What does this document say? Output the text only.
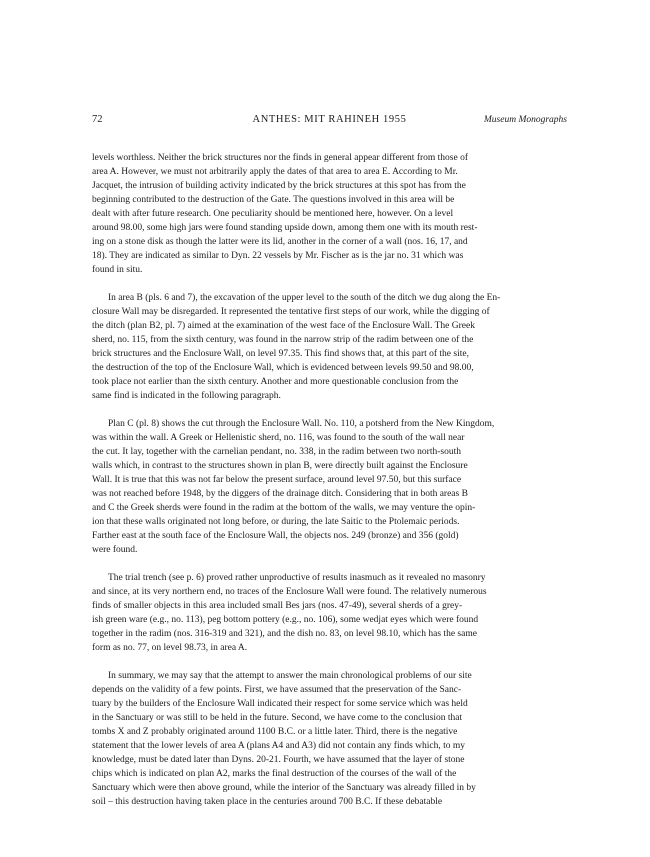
72	ANTHES: MIT RAHINEH 1955	Museum Monographs
levels worthless. Neither the brick structures nor the finds in general appear different from those of
area A. However, we must not arbitrarily apply the dates of that area to area E. According to Mr.
Jacquet, the intrusion of building activity indicated by the brick structures at this spot has from the
beginning contributed to the destruction of the Gate. The questions involved in this area will be
dealt with after future research. One peculiarity should be mentioned here, however. On a level
around 98.00, some high jars were found standing upside down, among them one with its mouth rest-
ing on a stone disk as though the latter were its lid, another in the corner of a wall (nos. 16, 17, and
18). They are indicated as similar to Dyn. 22 vessels by Mr. Fischer as is the jar no. 31 which was
found in situ.
In area B (pls. 6 and 7), the excavation of the upper level to the south of the ditch we dug along the En-
closure Wall may be disregarded. It represented the tentative first steps of our work, while the digging of
the ditch (plan B2, pl. 7) aimed at the examination of the west face of the Enclosure Wall. The Greek
sherd, no. 115, from the sixth century, was found in the narrow strip of the radim between one of the
brick structures and the Enclosure Wall, on level 97.35. This find shows that, at this part of the site,
the destruction of the top of the Enclosure Wall, which is evidenced between levels 99.50 and 98.00,
took place not earlier than the sixth century. Another and more questionable conclusion from the
same find is indicated in the following paragraph.
Plan C (pl. 8) shows the cut through the Enclosure Wall. No. 110, a potsherd from the New Kingdom,
was within the wall. A Greek or Hellenistic sherd, no. 116, was found to the south of the wall near
the cut. It lay, together with the carnelian pendant, no. 338, in the radim between two north-south
walls which, in contrast to the structures shown in plan B, were directly built against the Enclosure
Wall. It is true that this was not far below the present surface, around level 97.50, but this surface
was not reached before 1948, by the diggers of the drainage ditch. Considering that in both areas B
and C the Greek sherds were found in the radim at the bottom of the walls, we may venture the opin-
ion that these walls originated not long before, or during, the late Saitic to the Ptolemaic periods.
Farther east at the south face of the Enclosure Wall, the objects nos. 249 (bronze) and 356 (gold)
were found.
The trial trench (see p. 6) proved rather unproductive of results inasmuch as it revealed no masonry
and since, at its very northern end, no traces of the Enclosure Wall were found. The relatively numerous
finds of smaller objects in this area included small Bes jars (nos. 47-49), several sherds of a grey-
ish green ware (e.g., no. 113), peg bottom pottery (e.g., no. 106), some wedjat eyes which were found
together in the radim (nos. 316-319 and 321), and the dish no. 83, on level 98.10, which has the same
form as no. 77, on level 98.73, in area A.
In summary, we may say that the attempt to answer the main chronological problems of our site
depends on the validity of a few points. First, we have assumed that the preservation of the Sanc-
tuary by the builders of the Enclosure Wall indicated their respect for some service which was held
in the Sanctuary or was still to be held in the future. Second, we have come to the conclusion that
tombs X and Z probably originated around 1100 B.C. or a little later. Third, there is the negative
statement that the lower levels of area A (plans A4 and A3) did not contain any finds which, to my
knowledge, must be dated later than Dyns. 20-21. Fourth, we have assumed that the layer of stone
chips which is indicated on plan A2, marks the final destruction of the courses of the wall of the
Sanctuary which were then above ground, while the interior of the Sanctuary was already filled in by
soil – this destruction having taken place in the centuries around 700 B.C. If these debatable
